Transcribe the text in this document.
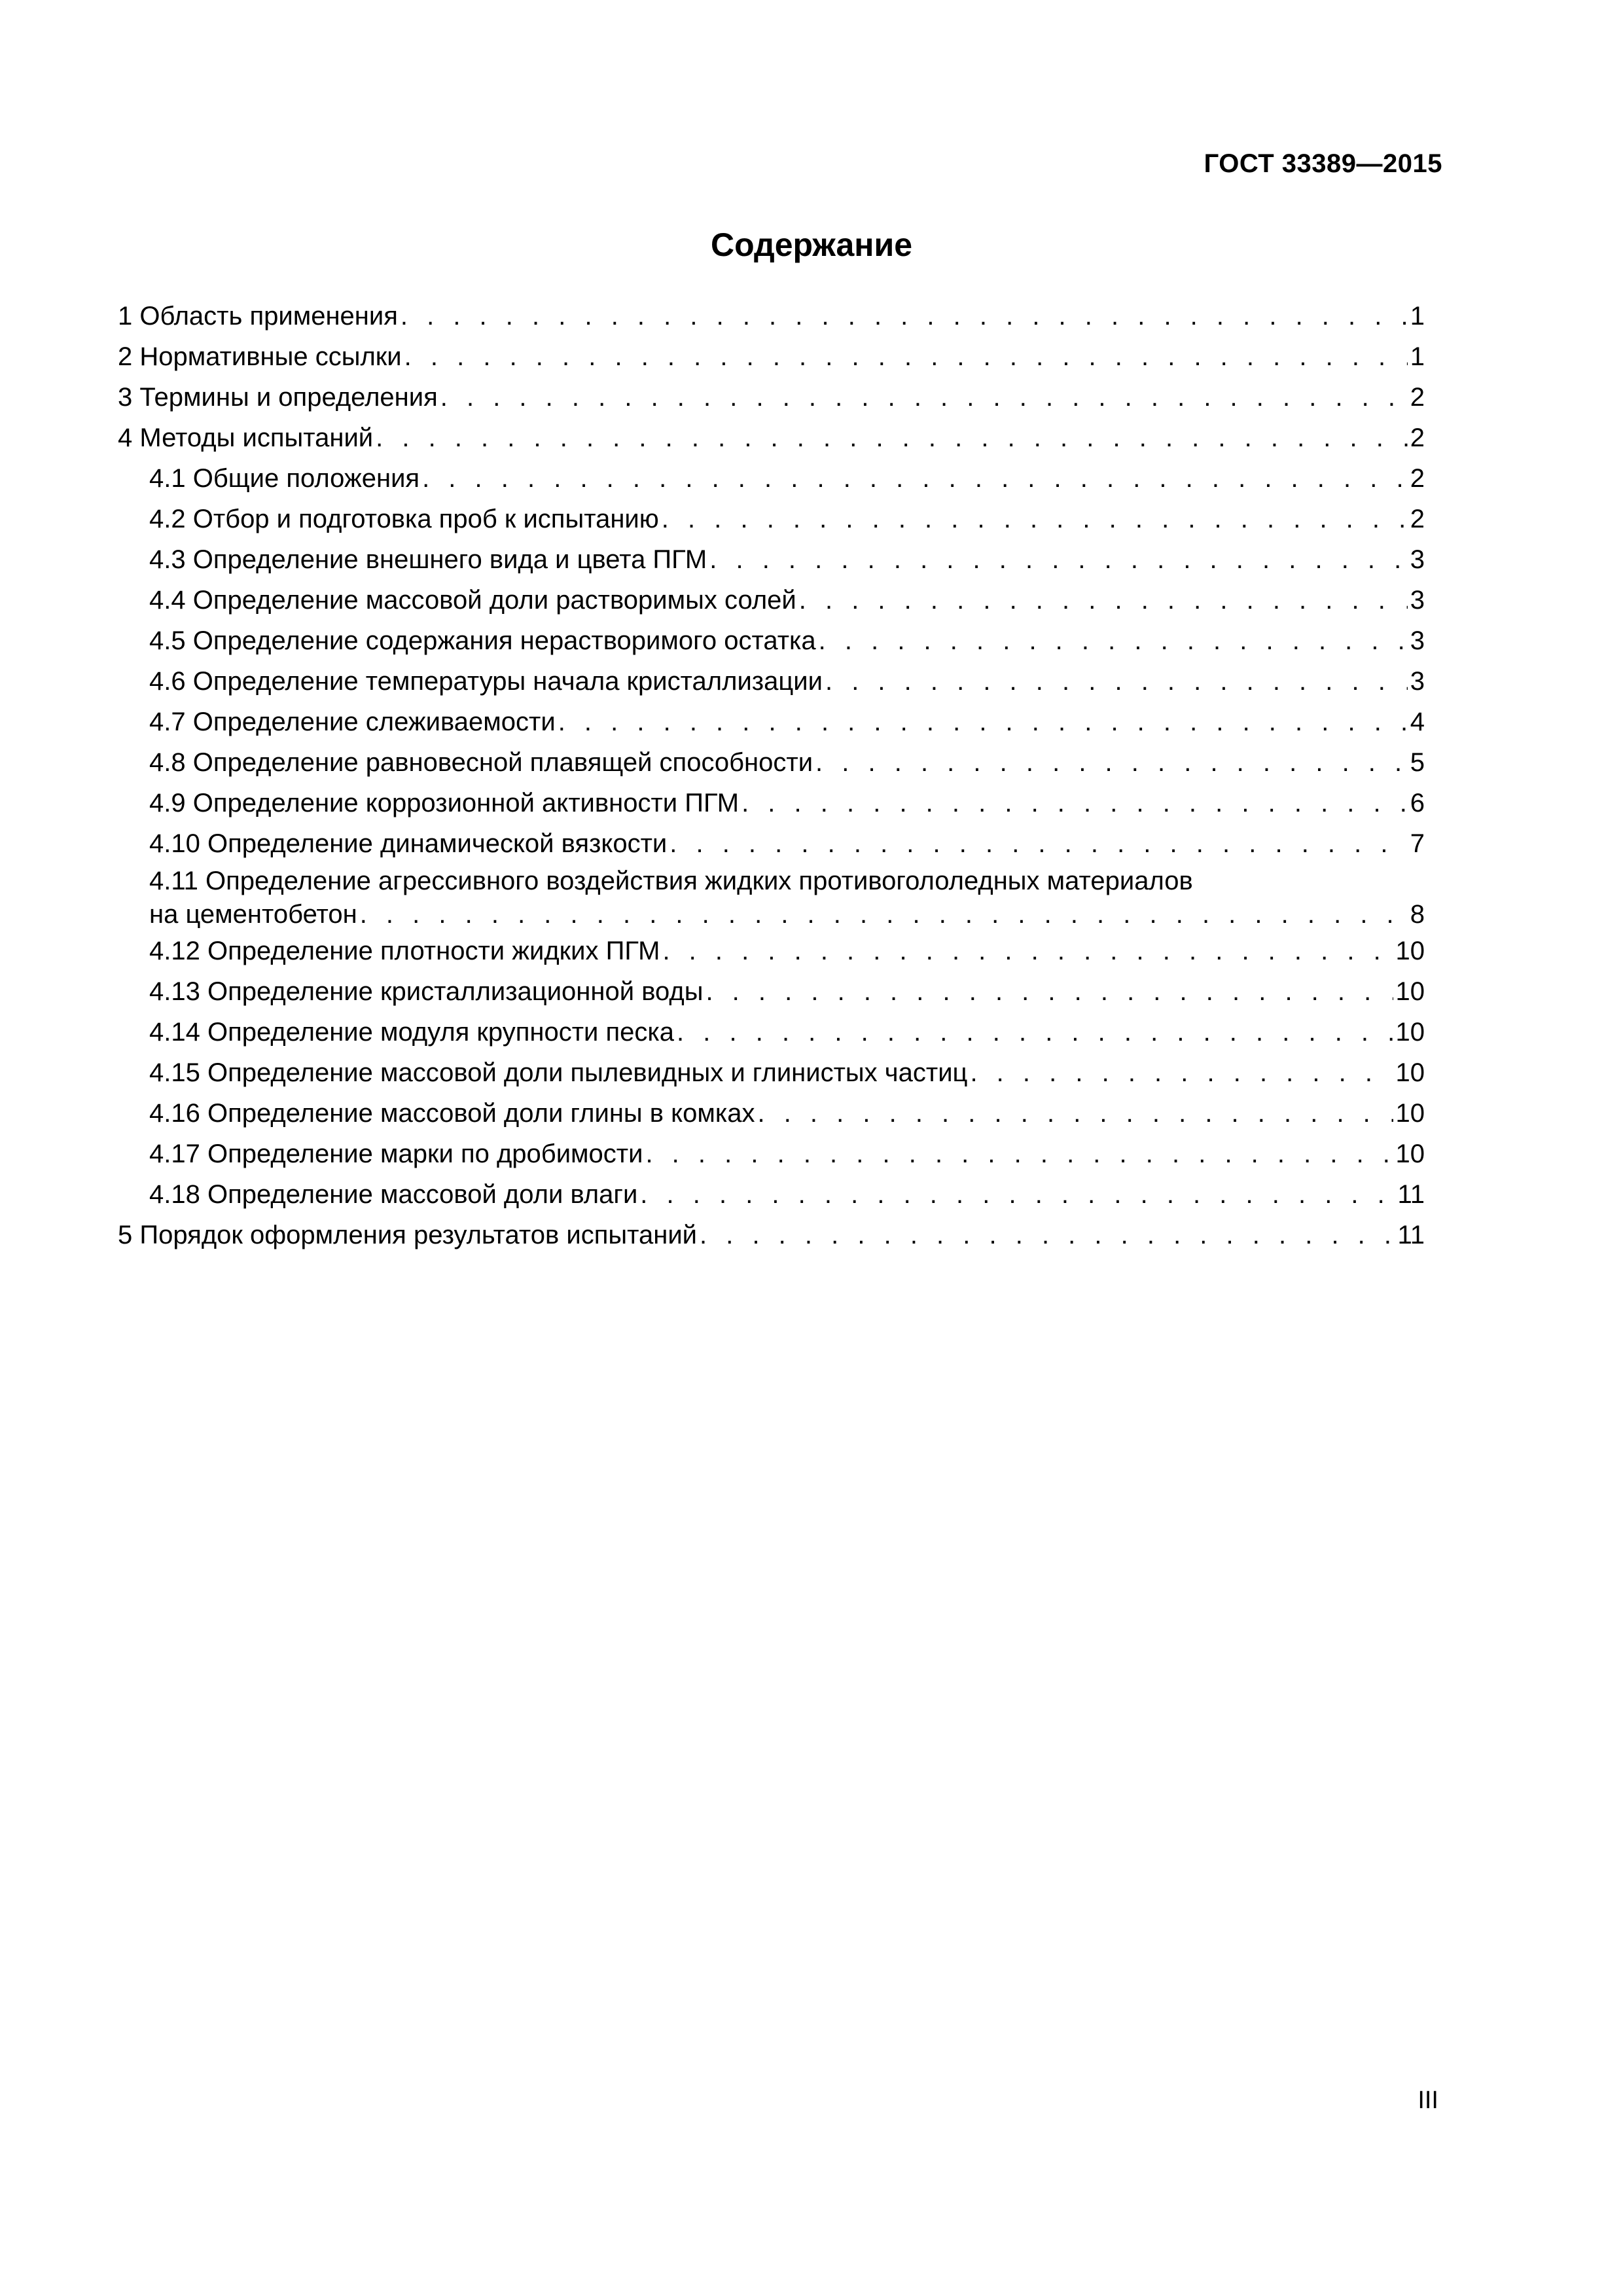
ГОСТ 33389—2015
Содержание
1 Область применения . . .	1
2 Нормативные ссылки . . .	1
3 Термины и определения . . .	2
4 Методы испытаний . . .	2
4.1 Общие положения . . .	2
4.2 Отбор и подготовка проб к испытанию . . .	2
4.3 Определение внешнего вида и цвета ПГМ . . .	3
4.4 Определение массовой доли растворимых солей . . .	3
4.5 Определение содержания нерастворимого остатка . . .	3
4.6 Определение температуры начала кристаллизации . . .	3
4.7 Определение слеживаемости . . .	4
4.8 Определение равновесной плавящей способности . . .	5
4.9 Определение коррозионной активности ПГМ . . .	6
4.10 Определение динамической вязкости . . .	7
4.11 Определение агрессивного воздействия жидких противогололедных материалов
на цементобетон . . .	8
4.12 Определение плотности жидких ПГМ . . .	10
4.13 Определение кристаллизационной воды . . .	10
4.14 Определение модуля крупности песка . . .	10
4.15 Определение массовой доли пылевидных и глинистых частиц . . .	10
4.16 Определение массовой доли глины в комках . . .	10
4.17 Определение марки по дробимости . . .	10
4.18 Определение массовой доли влаги . . .	11
5 Порядок оформления результатов испытаний . . .	11
III
